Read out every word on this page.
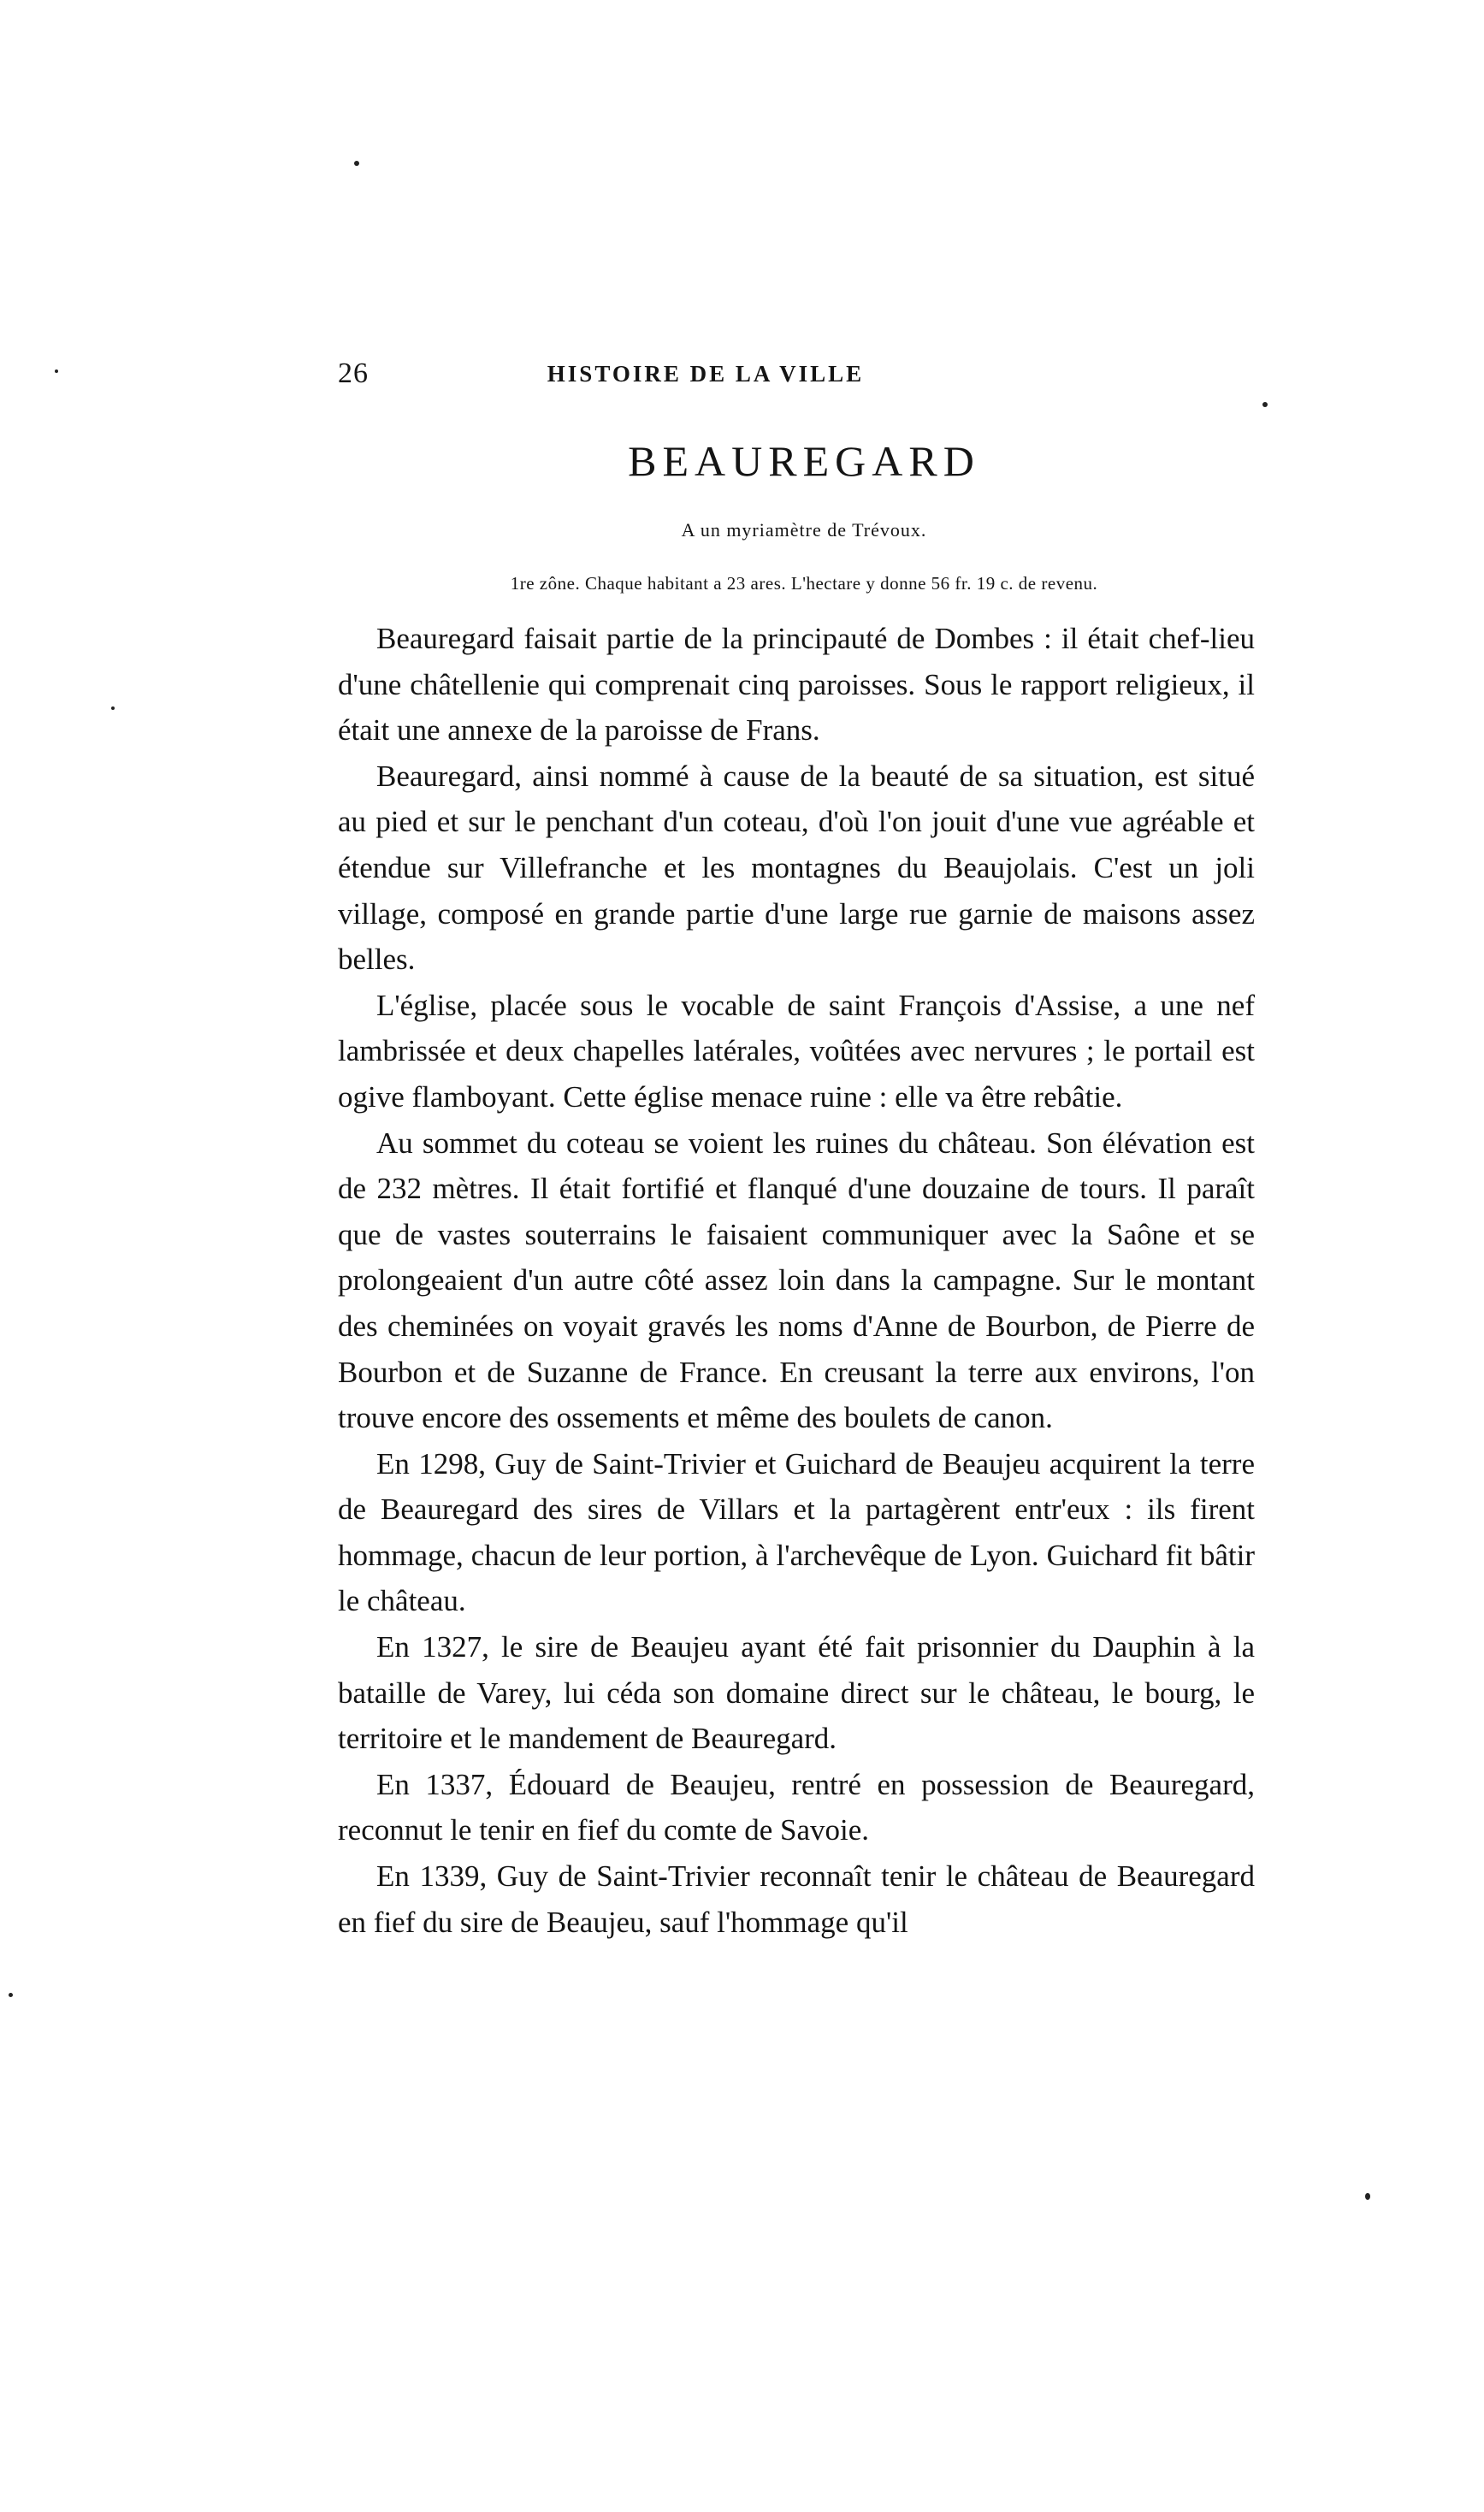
26	HISTOIRE DE LA VILLE
BEAUREGARD

A un myriamètre de Trévoux.

1re zône. Chaque habitant a 23 ares. L'hectare y donne 56 fr. 19 c. de revenu.

Beauregard faisait partie de la principauté de Dombes : il était chef-lieu d'une châtellenie qui comprenait cinq paroisses. Sous le rapport religieux, il était une annexe de la paroisse de Frans.

Beauregard, ainsi nommé à cause de la beauté de sa situation, est situé au pied et sur le penchant d'un coteau, d'où l'on jouit d'une vue agréable et étendue sur Villefranche et les montagnes du Beaujolais. C'est un joli village, composé en grande partie d'une large rue garnie de maisons assez belles.

L'église, placée sous le vocable de saint François d'Assise, a une nef lambrissée et deux chapelles latérales, voûtées avec nervures ; le portail est ogive flamboyant. Cette église menace ruine : elle va être rebâtie.

Au sommet du coteau se voient les ruines du château. Son élévation est de 232 mètres. Il était fortifié et flanqué d'une douzaine de tours. Il paraît que de vastes souterrains le faisaient communiquer avec la Saône et se prolongeaient d'un autre côté assez loin dans la campagne. Sur le montant des cheminées on voyait gravés les noms d'Anne de Bourbon, de Pierre de Bourbon et de Suzanne de France. En creusant la terre aux environs, l'on trouve encore des ossements et même des boulets de canon.

En 1298, Guy de Saint-Trivier et Guichard de Beaujeu acquirent la terre de Beauregard des sires de Villars et la partagèrent entr'eux : ils firent hommage, chacun de leur portion, à l'archevêque de Lyon. Guichard fit bâtir le château.

En 1327, le sire de Beaujeu ayant été fait prisonnier du Dauphin à la bataille de Varey, lui céda son domaine direct sur le château, le bourg, le territoire et le mandement de Beauregard.

En 1337, Édouard de Beaujeu, rentré en possession de Beauregard, reconnut le tenir en fief du comte de Savoie.

En 1339, Guy de Saint-Trivier reconnaît tenir le château de Beauregard en fief du sire de Beaujeu, sauf l'hommage qu'il
